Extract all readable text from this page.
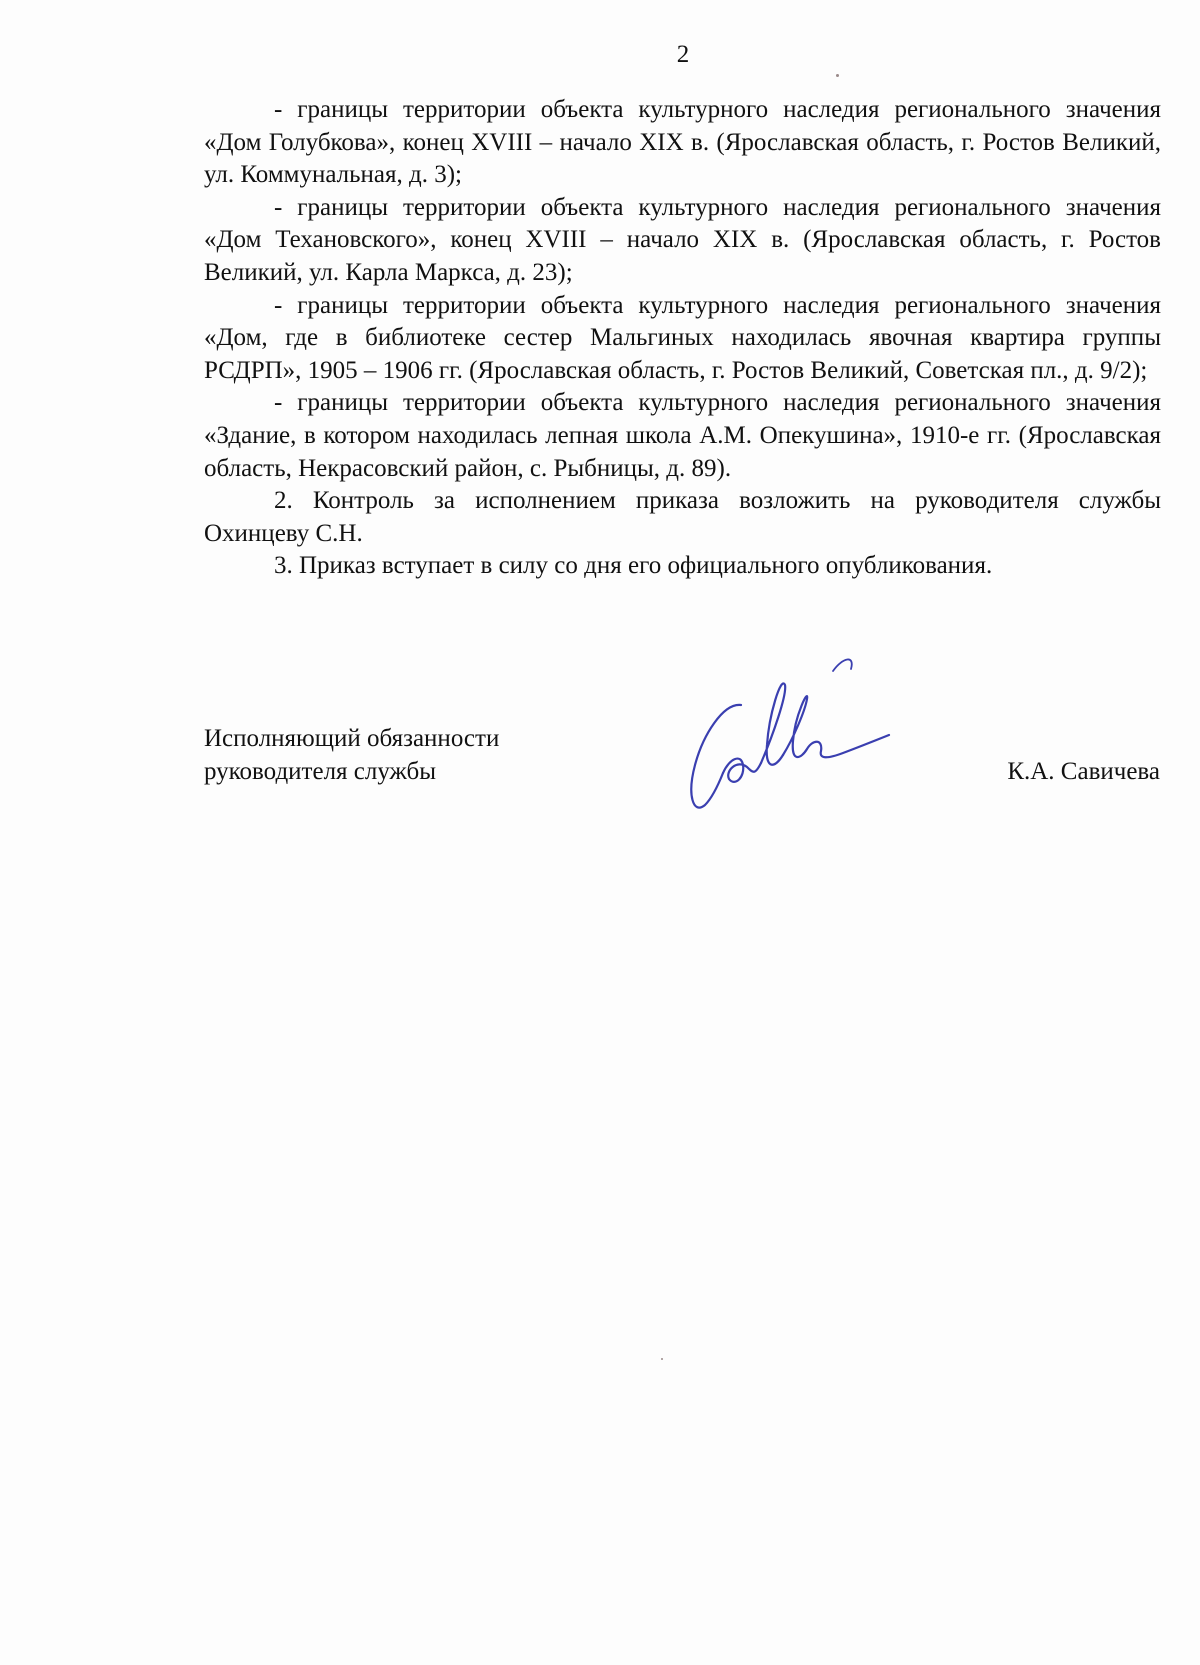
2

- границы территории объекта культурного наследия регионального значения «Дом Голубкова», конец XVIII – начало XIX в. (Ярославская область, г. Ростов Великий, ул. Коммунальная, д. 3);

- границы территории объекта культурного наследия регионального значения «Дом Техановского», конец XVIII – начало XIX в. (Ярославская область, г. Ростов Великий, ул. Карла Маркса, д. 23);

- границы территории объекта культурного наследия регионального значения «Дом, где в библиотеке сестер Мальгиных находилась явочная квартира группы РСДРП», 1905 – 1906 гг. (Ярославская область, г. Ростов Великий, Советская пл., д. 9/2);

- границы территории объекта культурного наследия регионального значения «Здание, в котором находилась лепная школа А.М. Опекушина», 1910-е гг. (Ярославская область, Некрасовский район, с. Рыбницы, д. 89).

2. Контроль за исполнением приказа возложить на руководителя службы Охинцеву С.Н.

3. Приказ вступает в силу со дня его официального опубликования.

Исполняющий обязанности
руководителя службы	К.А. Савичева
